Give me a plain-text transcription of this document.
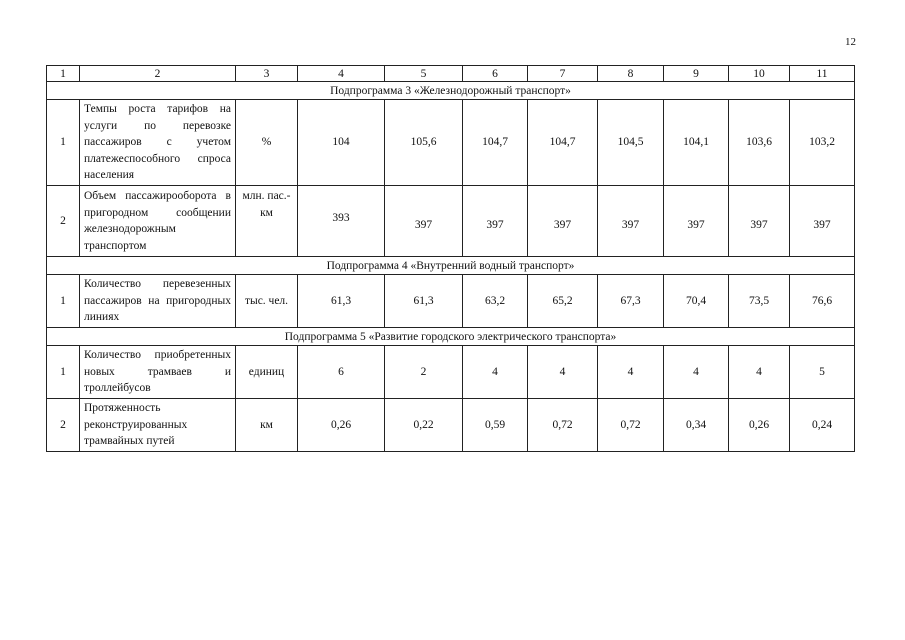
12
1	2	3	4	5	6	7	8	9	10	11
Подпрограмма 3 «Железнодорожный транспорт»										
1	Темпы роста тарифов на услуги по перевозке пассажиров с учетом платежеспособного спроса населения	%	104	105,6	104,7	104,7	104,5	104,1	103,6	103,2
2	Объем пассажирооборота в пригородном сообщении железнодорожным транспортом	млн. пас.-км	393	397	397	397	397	397	397	397
Подпрограмма 4 «Внутренний водный транспорт»										
1	Количество перевезенных пассажиров на пригородных линиях	тыс. чел.	61,3	61,3	63,2	65,2	67,3	70,4	73,5	76,6
Подпрограмма 5 «Развитие городского электрического транспорта»										
1	Количество приобретенных новых трамваев и троллейбусов	единиц	6	2	4	4	4	4	4	5
2	Протяженность реконструированных трамвайных путей	км	0,26	0,22	0,59	0,72	0,72	0,34	0,26	0,24
